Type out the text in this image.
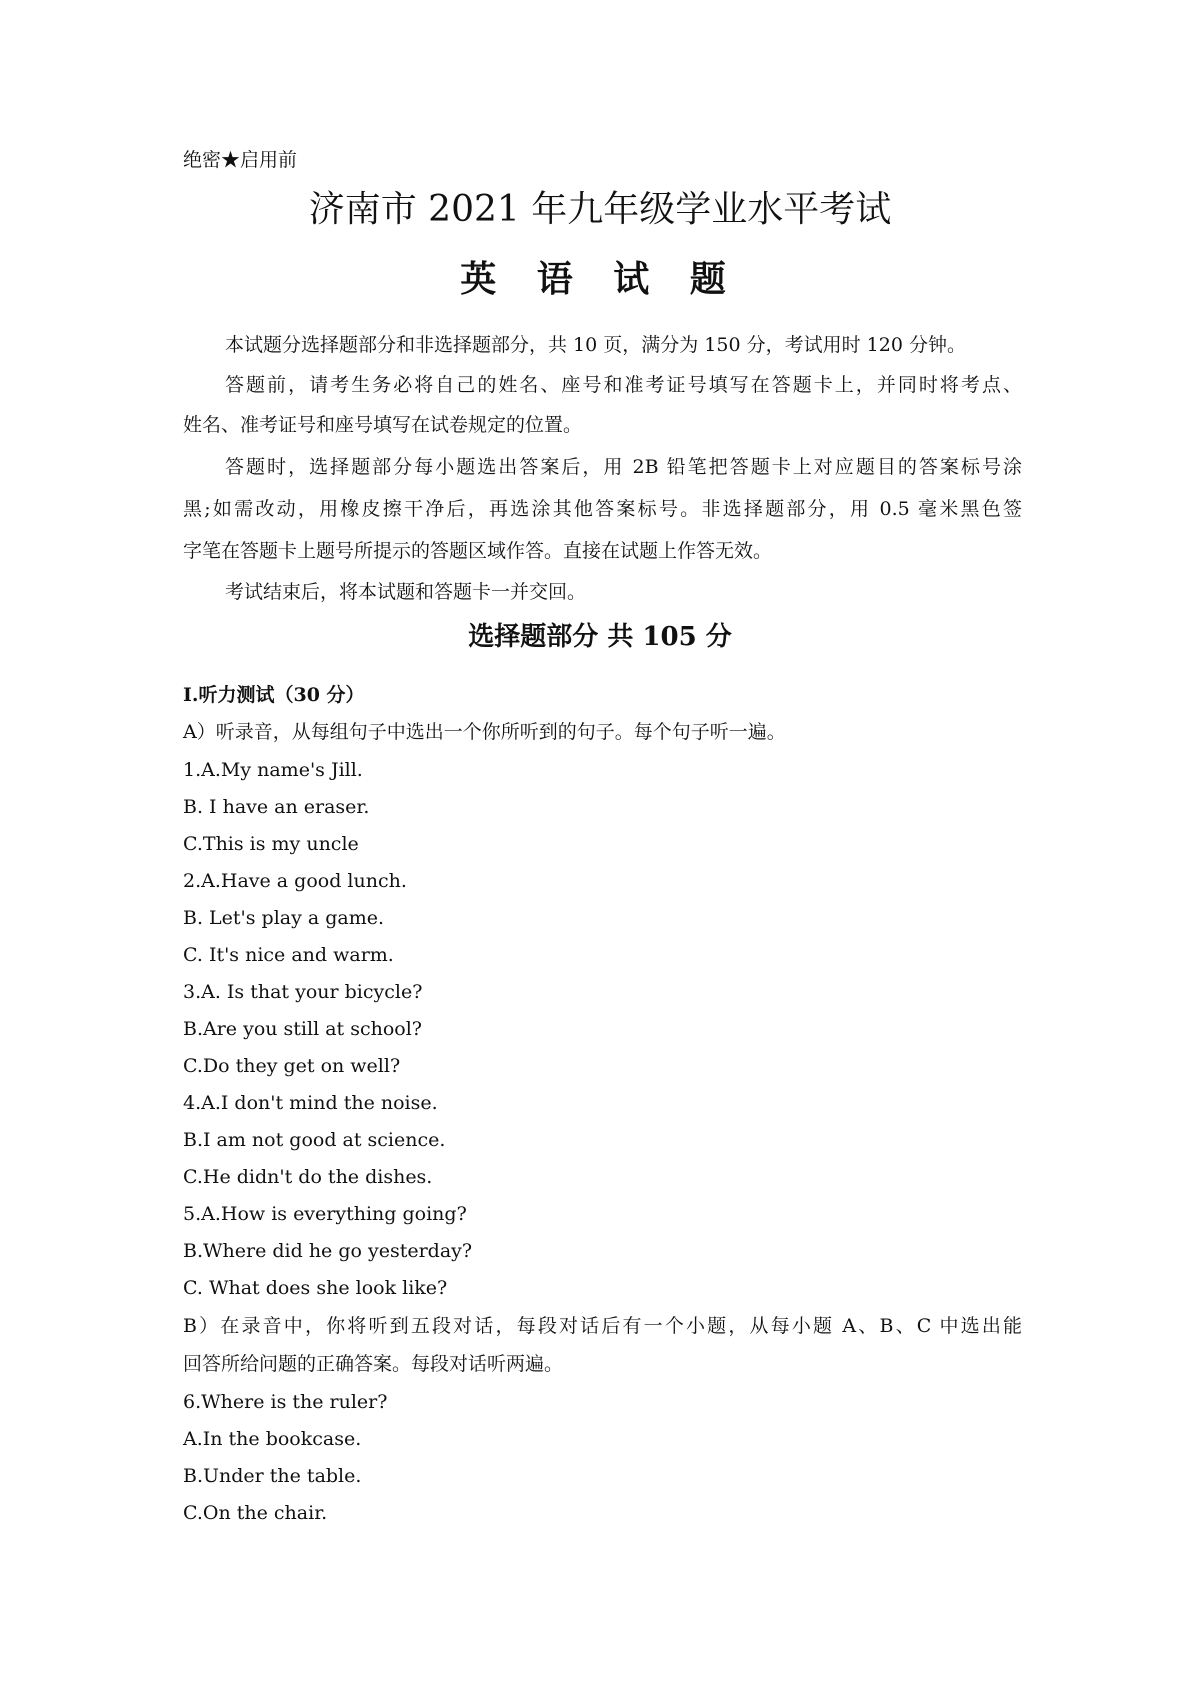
绝密★启用前
济南市 2021 年九年级学业水平考试
英 语 试 题
本试题分选择题部分和非选择题部分，共 10 页，满分为 150 分，考试用时 120 分钟。
答题前，请考生务必将自己的姓名、座号和准考证号填写在答题卡上，并同时将考点、
姓名、准考证号和座号填写在试卷规定的位置。
答题时，选择题部分每小题选出答案后，用 2B 铅笔把答题卡上对应题目的答案标号涂
黑;如需改动，用橡皮擦干净后，再选涂其他答案标号。非选择题部分，用 0.5 毫米黑色签
字笔在答题卡上题号所提示的答题区域作答。直接在试题上作答无效。
考试结束后，将本试题和答题卡一并交回。
选择题部分 共 105 分
I.听力测试（30 分）
A）听录音，从每组句子中选出一个你所听到的句子。每个句子听一遍。
1.A.My name's Jill.
B. I have an eraser.
C.This is my uncle
2.A.Have a good lunch.
B. Let's play a game.
C. It's nice and warm.
3.A. Is that your bicycle?
B.Are you still at school?
C.Do they get on well?
4.A.I don't mind the noise.
B.I am not good at science.
C.He didn't do the dishes.
5.A.How is everything going?
B.Where did he go yesterday?
C. What does she look like?
B）在录音中，你将听到五段对话，每段对话后有一个小题，从每小题 A、B、C 中选出能
回答所给问题的正确答案。每段对话听两遍。
6.Where is the ruler?
A.In the bookcase.
B.Under the table.
C.On the chair.
